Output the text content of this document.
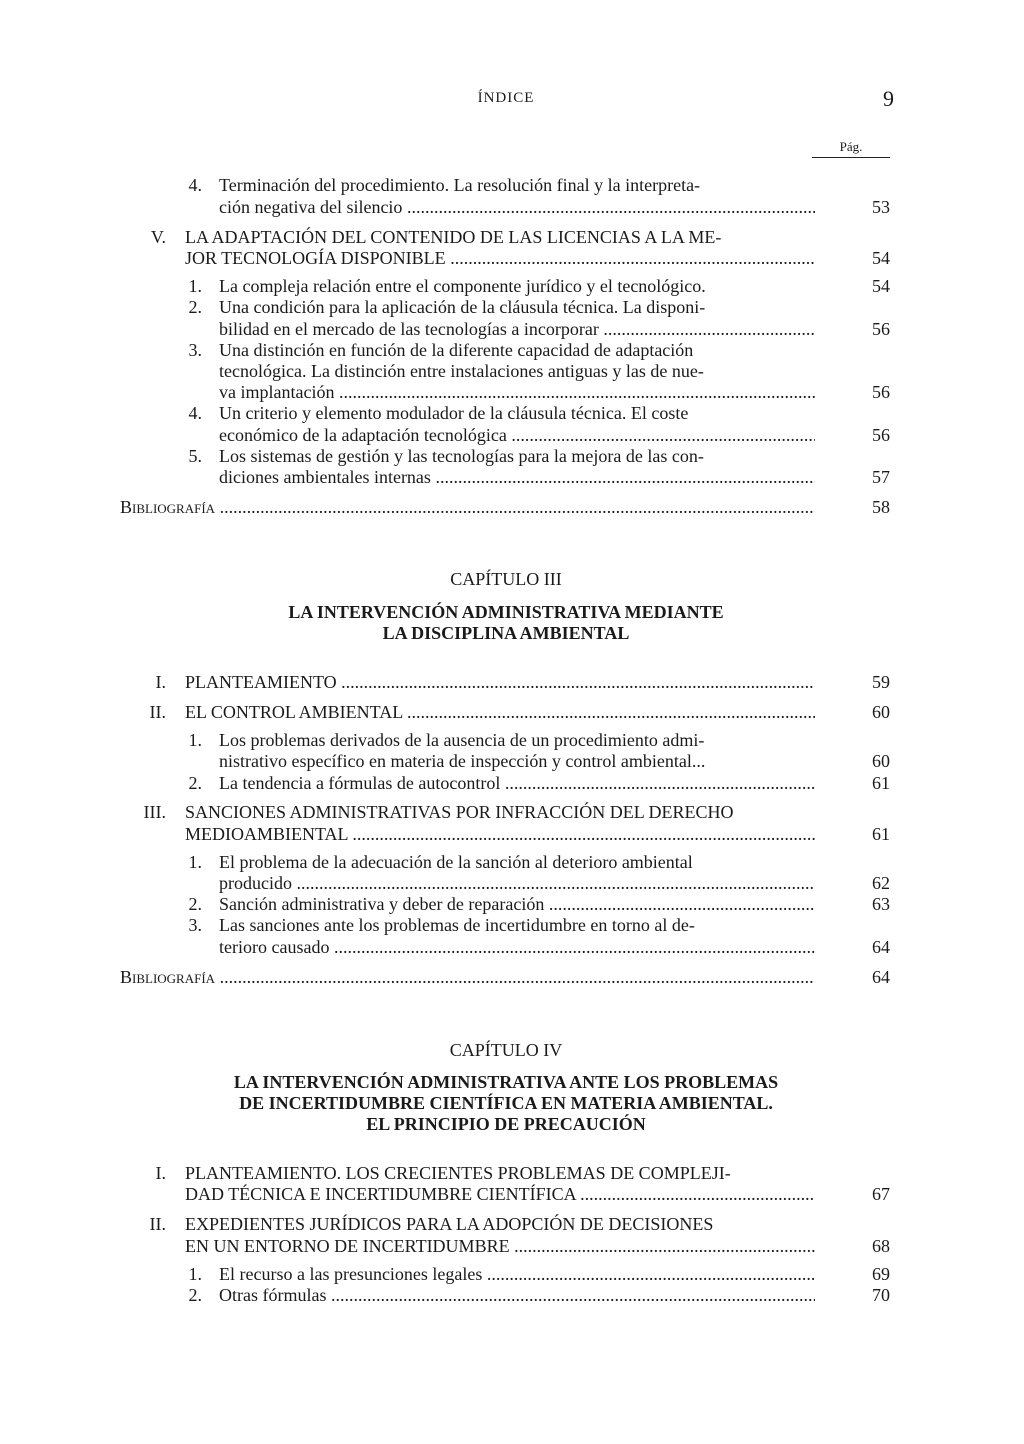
ÍNDICE	9
Pág.
4. Terminación del procedimiento. La resolución final y la interpreta-
ción negativa del silencio .....	53
V. LA ADAPTACIÓN DEL CONTENIDO DE LAS LICENCIAS A LA ME-
JOR TECNOLOGÍA DISPONIBLE .....	54
1. La compleja relación entre el componente jurídico y el tecnológico.	54
2. Una condición para la aplicación de la cláusula técnica. La disponi-
bilidad en el mercado de las tecnologías a incorporar .....	56
3. Una distinción en función de la diferente capacidad de adaptación
tecnológica. La distinción entre instalaciones antiguas y las de nue-
va implantación .....	56
4. Un criterio y elemento modulador de la cláusula técnica. El coste
económico de la adaptación tecnológica .....	56
5. Los sistemas de gestión y las tecnologías para la mejora de las con-
diciones ambientales internas .....	57
Bibliografía .....	58
CAPÍTULO III
LA INTERVENCIÓN ADMINISTRATIVA MEDIANTE
LA DISCIPLINA AMBIENTAL
I. PLANTEAMIENTO .....	59
II. EL CONTROL AMBIENTAL .....	60
1. Los problemas derivados de la ausencia de un procedimiento admi-
nistrativo específico en materia de inspección y control ambiental...	60
2. La tendencia a fórmulas de autocontrol .....	61
III. SANCIONES ADMINISTRATIVAS POR INFRACCIÓN DEL DERECHO
MEDIOAMBIENTAL .....	61
1. El problema de la adecuación de la sanción al deterioro ambiental
producido .....	62
2. Sanción administrativa y deber de reparación .....	63
3. Las sanciones ante los problemas de incertidumbre en torno al de-
terioro causado .....	64
Bibliografía .....	64
CAPÍTULO IV
LA INTERVENCIÓN ADMINISTRATIVA ANTE LOS PROBLEMAS
DE INCERTIDUMBRE CIENTÍFICA EN MATERIA AMBIENTAL.
EL PRINCIPIO DE PRECAUCIÓN
I. PLANTEAMIENTO. LOS CRECIENTES PROBLEMAS DE COMPLEJI-
DAD TÉCNICA E INCERTIDUMBRE CIENTÍFICA .....	67
II. EXPEDIENTES JURÍDICOS PARA LA ADOPCIÓN DE DECISIONES
EN UN ENTORNO DE INCERTIDUMBRE .....	68
1. El recurso a las presunciones legales .....	69
2. Otras fórmulas .....	70
